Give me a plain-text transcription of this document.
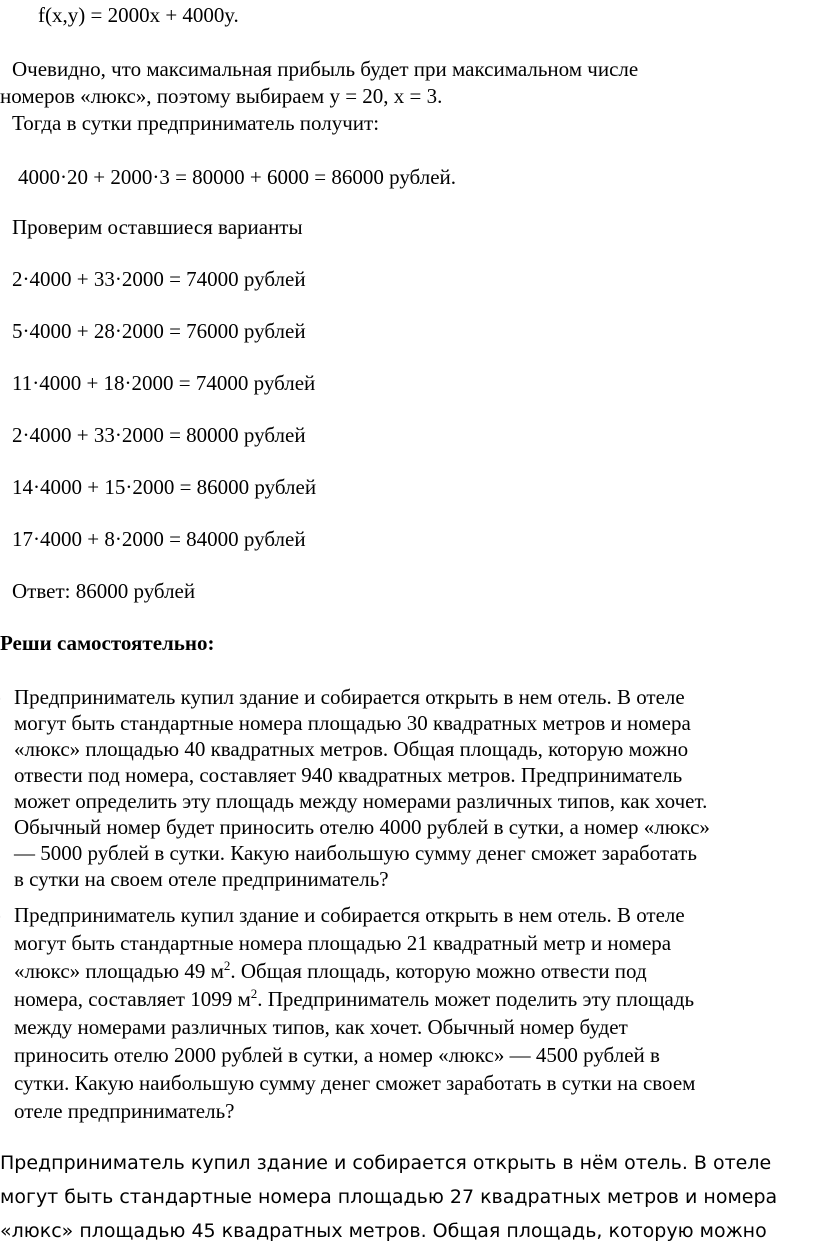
f(x,y) = 2000x + 4000y.
Очевидно, что максимальная прибыль будет при максимальном числе
номеров «люкс», поэтому выбираем y = 20, x = 3.
Тогда в сутки предприниматель получит:
4000·20 + 2000·3 = 80000 + 6000 = 86000 рублей.
Проверим оставшиеся варианты
2·4000 + 33·2000 = 74000 рублей
5·4000 + 28·2000 = 76000 рублей
11·4000 + 18·2000 = 74000 рублей
2·4000 + 33·2000 = 80000 рублей
14·4000 + 15·2000 = 86000 рублей
17·4000 + 8·2000 = 84000 рублей
Ответ: 86000 рублей
Реши самостоятельно:
Предприниматель купил здание и собирается открыть в нем отель. В отеле
могут быть стандартные номера площадью 30 квадратных метров и номера
«люкс» площадью 40 квадратных метров. Общая площадь, которую можно
отвести под номера, составляет 940 квадратных метров. Предприниматель
может определить эту площадь между номерами различных типов, как хочет.
Обычный номер будет приносить отелю 4000 рублей в сутки, а номер «люкс»
— 5000 рублей в сутки. Какую наибольшую сумму денег сможет заработать
в сутки на своем отеле предприниматель?
Предприниматель купил здание и собирается открыть в нем отель. В отеле
могут быть стандартные номера площадью 21 квадратный метр и номера
«люкс» площадью 49 $м^2$. Общая площадь, которую можно отвести под
номера, составляет 1099 $м^2$. Предприниматель может поделить эту площадь
между номерами различных типов, как хочет. Обычный номер будет
приносить отелю 2000 рублей в сутки, а номер «люкс» — 4500 рублей в
сутки. Какую наибольшую сумму денег сможет заработать в сутки на своем
отеле предприниматель?
Предприниматель купил здание и собирается открыть в нём отель. В отеле
могут быть стандартные номера площадью 27 квадратных метров и номера
«люкс» площадью 45 квадратных метров. Общая площадь, которую можно
